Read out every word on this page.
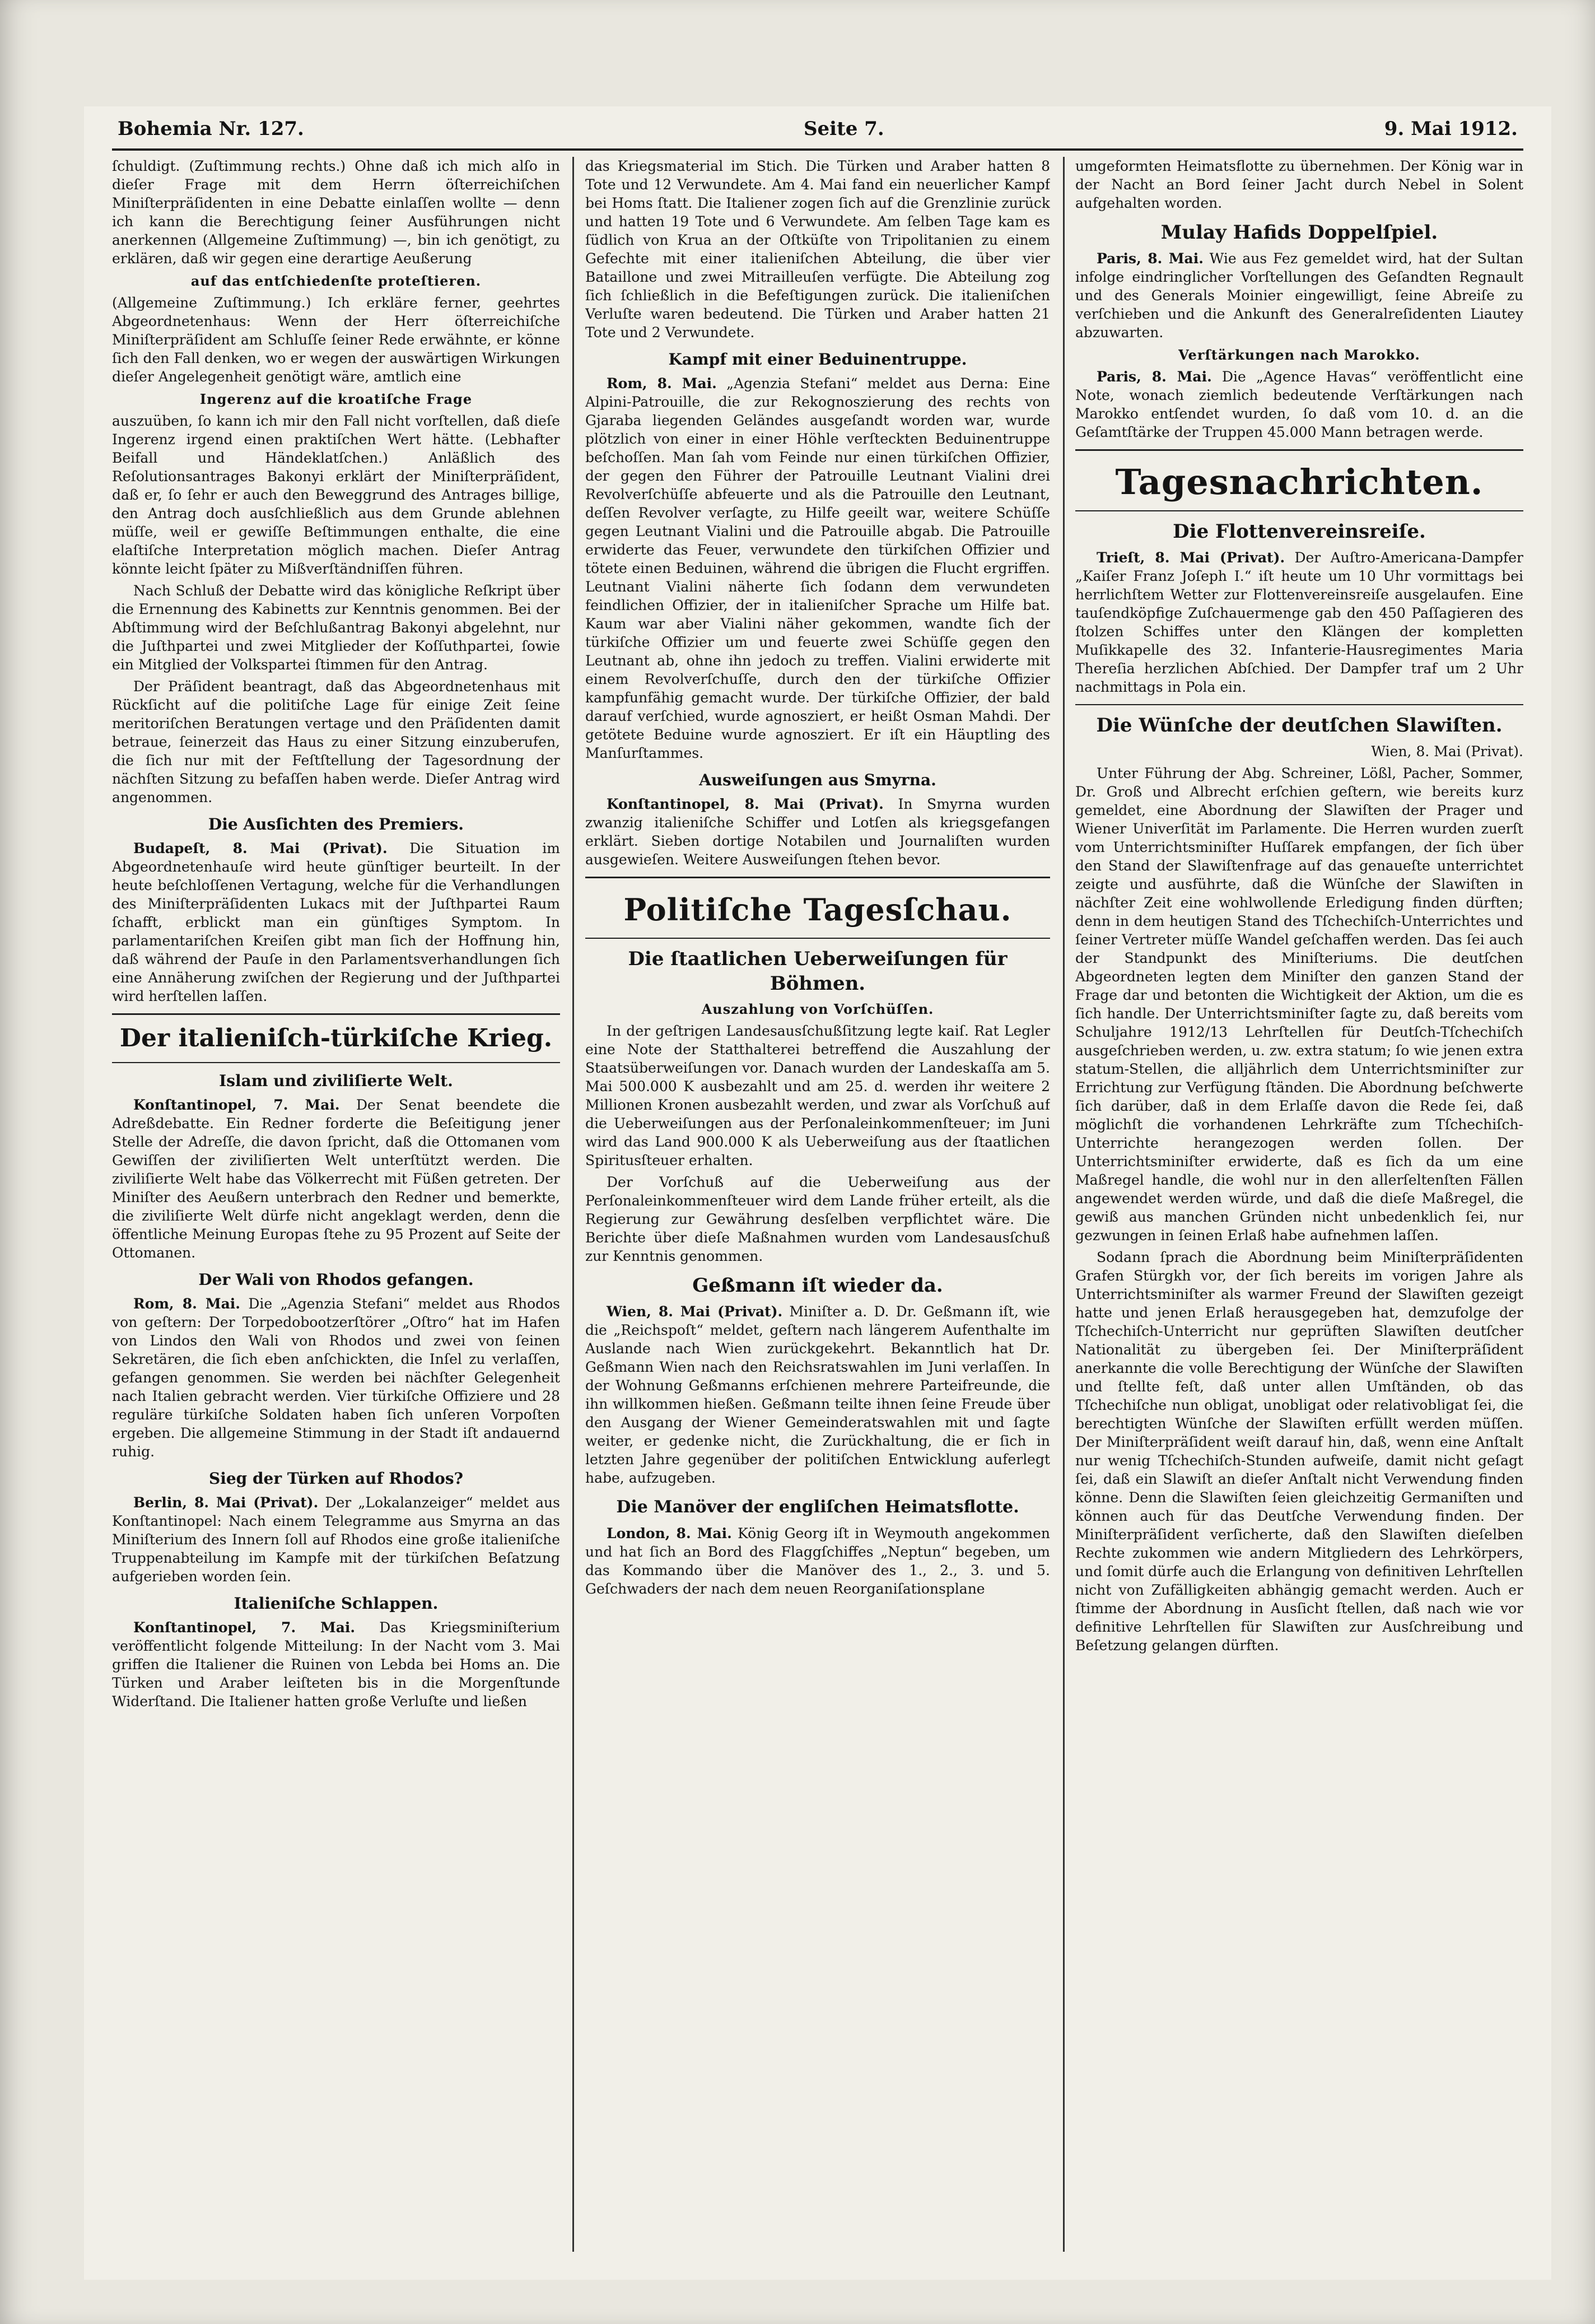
Bohemia Nr. 127.	Seite 7.	9. Mai 1912.

ſchuldigt. (Zuſtimmung rechts.) Ohne daß ich mich alſo in dieſer Frage mit dem Herrn öſterreichiſchen Miniſterpräſidenten in eine Debatte einlaſſen wollte — denn ich kann die Berechtigung ſeiner Ausführungen nicht anerkennen (Allgemeine Zuſtimmung) —, bin ich genötigt, zu erklären, daß wir gegen eine derartige Aeußerung

auf das entſchiedenſte proteſtieren.

(Allgemeine Zuſtimmung.) Ich erkläre ferner, geehrtes Abgeordnetenhaus: Wenn der Herr öſterreichiſche Miniſterpräſident am Schluſſe ſeiner Rede erwähnte, er könne ſich den Fall denken, wo er wegen der auswärtigen Wirkungen dieſer Angelegenheit genötigt wäre, amtlich eine

Ingerenz auf die kroatiſche Frage

auszuüben, ſo kann ich mir den Fall nicht vorſtellen, daß dieſe Ingerenz irgend einen praktiſchen Wert hätte. (Lebhafter Beifall und Händeklatſchen.) Anläßlich des Reſolutionsantrages Bakonyi erklärt der Miniſterpräſident, daß er, ſo ſehr er auch den Beweggrund des Antrages billige, den Antrag doch ausſchließlich aus dem Grunde ablehnen müſſe, weil er gewiſſe Beſtimmungen enthalte, die eine elaſtiſche Interpretation möglich machen. Dieſer Antrag könnte leicht ſpäter zu Mißverſtändniſſen führen.

Nach Schluß der Debatte wird das königliche Reſkript über die Ernennung des Kabinetts zur Kenntnis genommen. Bei der Abſtimmung wird der Beſchlußantrag Bakonyi abgelehnt, nur die Juſthpartei und zwei Mitglieder der Koſſuthpartei, ſowie ein Mitglied der Volkspartei ſtimmen für den Antrag.

Der Präſident beantragt, daß das Abgeordnetenhaus mit Rückſicht auf die politiſche Lage für einige Zeit ſeine meritoriſchen Beratungen vertage und den Präſidenten damit betraue, ſeinerzeit das Haus zu einer Sitzung einzuberufen, die ſich nur mit der Feſtſtellung der Tagesordnung der nächſten Sitzung zu befaſſen haben werde. Dieſer Antrag wird angenommen.

Die Ausſichten des Premiers.

Budapeſt, 8. Mai (Privat). Die Situation im Abgeordnetenhauſe wird heute günſtiger beurteilt. In der heute beſchloſſenen Vertagung, welche für die Verhandlungen des Miniſterpräſidenten Lukacs mit der Juſthpartei Raum ſchafft, erblickt man ein günſtiges Symptom. In parlamentariſchen Kreiſen gibt man ſich der Hoffnung hin, daß während der Pauſe in den Parlamentsverhandlungen ſich eine Annäherung zwiſchen der Regierung und der Juſthpartei wird herſtellen laſſen.

Der italieniſch-türkiſche Krieg.
Islam und ziviliſierte Welt.

Konſtantinopel, 7. Mai. Der Senat beendete die Adreßdebatte. Ein Redner forderte die Beſeitigung jener Stelle der Adreſſe, die davon ſpricht, daß die Ottomanen vom Gewiſſen der ziviliſierten Welt unterſtützt werden. Die ziviliſierte Welt habe das Völkerrecht mit Füßen getreten. Der Miniſter des Aeußern unterbrach den Redner und bemerkte, die ziviliſierte Welt dürfe nicht angeklagt werden, denn die öffentliche Meinung Europas ſtehe zu 95 Prozent auf Seite der Ottomanen.

Der Wali von Rhodos gefangen.

Rom, 8. Mai. Die „Agenzia Stefani“ meldet aus Rhodos von geſtern: Der Torpedobootzerſtörer „Oſtro“ hat im Hafen von Lindos den Wali von Rhodos und zwei von ſeinen Sekretären, die ſich eben anſchickten, die Inſel zu verlaſſen, gefangen genommen. Sie werden bei nächſter Gelegenheit nach Italien gebracht werden. Vier türkiſche Offiziere und 28 reguläre türkiſche Soldaten haben ſich unſeren Vorpoſten ergeben. Die allgemeine Stimmung in der Stadt iſt andauernd ruhig.

Sieg der Türken auf Rhodos?

Berlin, 8. Mai (Privat). Der „Lokalanzeiger“ meldet aus Konſtantinopel: Nach einem Telegramme aus Smyrna an das Miniſterium des Innern ſoll auf Rhodos eine große italieniſche Truppenabteilung im Kampfe mit der türkiſchen Beſatzung aufgerieben worden ſein.

Italieniſche Schlappen.

Konſtantinopel, 7. Mai. Das Kriegsminiſterium veröffentlicht folgende Mitteilung: In der Nacht vom 3. Mai griffen die Italiener die Ruinen von Lebda bei Homs an. Die Türken und Araber leiſteten bis in die Morgenſtunde Widerſtand. Die Italiener hatten große Verluſte und ließen

das Kriegsmaterial im Stich. Die Türken und Araber hatten 8 Tote und 12 Verwundete. Am 4. Mai fand ein neuerlicher Kampf bei Homs ſtatt. Die Italiener zogen ſich auf die Grenzlinie zurück und hatten 19 Tote und 6 Verwundete. Am ſelben Tage kam es ſüdlich von Krua an der Oſtküſte von Tripolitanien zu einem Gefechte mit einer italieniſchen Abteilung, die über vier Bataillone und zwei Mitrailleuſen verfügte. Die Abteilung zog ſich ſchließlich in die Befeſtigungen zurück. Die italieniſchen Verluſte waren bedeutend. Die Türken und Araber hatten 21 Tote und 2 Verwundete.

Kampf mit einer Beduinentruppe.

Rom, 8. Mai. „Agenzia Stefani“ meldet aus Derna: Eine Alpini-Patrouille, die zur Rekognoszierung des rechts von Gjaraba liegenden Geländes ausgeſandt worden war, wurde plötzlich von einer in einer Höhle verſteckten Beduinentruppe beſchoſſen. Man ſah vom Feinde nur einen türkiſchen Offizier, der gegen den Führer der Patrouille Leutnant Vialini drei Revolverſchüſſe abfeuerte und als die Patrouille den Leutnant, deſſen Revolver verſagte, zu Hilfe geeilt war, weitere Schüſſe gegen Leutnant Vialini und die Patrouille abgab. Die Patrouille erwiderte das Feuer, verwundete den türkiſchen Offizier und tötete einen Beduinen, während die übrigen die Flucht ergriffen. Leutnant Vialini näherte ſich ſodann dem verwundeten feindlichen Offizier, der in italieniſcher Sprache um Hilfe bat. Kaum war aber Vialini näher gekommen, wandte ſich der türkiſche Offizier um und feuerte zwei Schüſſe gegen den Leutnant ab, ohne ihn jedoch zu treffen. Vialini erwiderte mit einem Revolverſchuſſe, durch den der türkiſche Offizier kampfunfähig gemacht wurde. Der türkiſche Offizier, der bald darauf verſchied, wurde agnosziert, er heißt Osman Mahdi. Der getötete Beduine wurde agnosziert. Er iſt ein Häuptling des Manſurſtammes.

Ausweiſungen aus Smyrna.

Konſtantinopel, 8. Mai (Privat). In Smyrna wurden zwanzig italieniſche Schiffer und Lotſen als kriegsgefangen erklärt. Sieben dortige Notabilen und Journaliſten wurden ausgewieſen. Weitere Ausweiſungen ſtehen bevor.

Politiſche Tagesſchau.
Die ſtaatlichen Ueberweiſungen für Böhmen.
Auszahlung von Vorſchüſſen.

In der geſtrigen Landesausſchußſitzung legte kaiſ. Rat Legler eine Note der Statthalterei betreffend die Auszahlung der Staatsüberweiſungen vor. Danach wurden der Landeskaſſa am 5. Mai 500.000 K ausbezahlt und am 25. d. werden ihr weitere 2 Millionen Kronen ausbezahlt werden, und zwar als Vorſchuß auf die Ueberweiſungen aus der Perſonaleinkommenſteuer; im Juni wird das Land 900.000 K als Ueberweiſung aus der ſtaatlichen Spiritusſteuer erhalten.

Der Vorſchuß auf die Ueberweiſung aus der Perſonaleinkommenſteuer wird dem Lande früher erteilt, als die Regierung zur Gewährung desſelben verpflichtet wäre. Die Berichte über dieſe Maßnahmen wurden vom Landesausſchuß zur Kenntnis genommen.

Geßmann iſt wieder da.

Wien, 8. Mai (Privat). Miniſter a. D. Dr. Geßmann iſt, wie die „Reichspoſt“ meldet, geſtern nach längerem Aufenthalte im Auslande nach Wien zurückgekehrt. Bekanntlich hat Dr. Geßmann Wien nach den Reichsratswahlen im Juni verlaſſen. In der Wohnung Geßmanns erſchienen mehrere Parteifreunde, die ihn willkommen hießen. Geßmann teilte ihnen ſeine Freude über den Ausgang der Wiener Gemeinderatswahlen mit und ſagte weiter, er gedenke nicht, die Zurückhaltung, die er ſich in letzten Jahre gegenüber der politiſchen Entwicklung auferlegt habe, aufzugeben.

Die Manöver der engliſchen Heimatsflotte.

London, 8. Mai. König Georg iſt in Weymouth angekommen und hat ſich an Bord des Flaggſchiffes „Neptun“ begeben, um das Kommando über die Manöver des 1., 2., 3. und 5. Geſchwaders der nach dem neuen Reorganiſationsplane

umgeformten Heimatsflotte zu übernehmen. Der König war in der Nacht an Bord ſeiner Jacht durch Nebel in Solent aufgehalten worden.

Mulay Hafids Doppelſpiel.

Paris, 8. Mai. Wie aus Fez gemeldet wird, hat der Sultan infolge eindringlicher Vorſtellungen des Geſandten Regnault und des Generals Moinier eingewilligt, ſeine Abreiſe zu verſchieben und die Ankunft des Generalreſidenten Liautey abzuwarten.

Verſtärkungen nach Marokko.

Paris, 8. Mai. Die „Agence Havas“ veröffentlicht eine Note, wonach ziemlich bedeutende Verſtärkungen nach Marokko entſendet wurden, ſo daß vom 10. d. an die Geſamtſtärke der Truppen 45.000 Mann betragen werde.

Tagesnachrichten.
Die Flottenvereinsreiſe.

Trieſt, 8. Mai (Privat). Der Auſtro-Americana-Dampfer „Kaiſer Franz Joſeph I.“ iſt heute um 10 Uhr vormittags bei herrlichſtem Wetter zur Flottenvereinsreiſe ausgelaufen. Eine tauſendköpfige Zuſchauermenge gab den 450 Paſſagieren des ſtolzen Schiffes unter den Klängen der kompletten Muſikkapelle des 32. Infanterie-Hausregimentes Maria Thereſia herzlichen Abſchied. Der Dampfer traf um 2 Uhr nachmittags in Pola ein.

Die Wünſche der deutſchen Slawiſten.

Wien, 8. Mai (Privat).

Unter Führung der Abg. Schreiner, Lößl, Pacher, Sommer, Dr. Groß und Albrecht erſchien geſtern, wie bereits kurz gemeldet, eine Abordnung der Slawiſten der Prager und Wiener Univerſität im Parlamente. Die Herren wurden zuerſt vom Unterrichtsminiſter Huſſarek empfangen, der ſich über den Stand der Slawiſtenfrage auf das genaueſte unterrichtet zeigte und ausführte, daß die Wünſche der Slawiſten in nächſter Zeit eine wohlwollende Erledigung finden dürften; denn in dem heutigen Stand des Tſchechiſch-Unterrichtes und ſeiner Vertreter müſſe Wandel geſchaffen werden. Das ſei auch der Standpunkt des Miniſteriums. Die deutſchen Abgeordneten legten dem Miniſter den ganzen Stand der Frage dar und betonten die Wichtigkeit der Aktion, um die es ſich handle. Der Unterrichtsminiſter ſagte zu, daß bereits vom Schuljahre 1912/13 Lehrſtellen für Deutſch-Tſchechiſch ausgeſchrieben werden, u. zw. extra statum; ſo wie jenen extra statum-Stellen, die alljährlich dem Unterrichtsminiſter zur Errichtung zur Verfügung ſtänden. Die Abordnung beſchwerte ſich darüber, daß in dem Erlaſſe davon die Rede ſei, daß möglichſt die vorhandenen Lehrkräfte zum Tſchechiſch-Unterrichte herangezogen werden ſollen. Der Unterrichtsminiſter erwiderte, daß es ſich da um eine Maßregel handle, die wohl nur in den allerſeltenſten Fällen angewendet werden würde, und daß die dieſe Maßregel, die gewiß aus manchen Gründen nicht unbedenklich ſei, nur gezwungen in ſeinen Erlaß habe aufnehmen laſſen.

Sodann ſprach die Abordnung beim Miniſterpräſidenten Grafen Stürgkh vor, der ſich bereits im vorigen Jahre als Unterrichtsminiſter als warmer Freund der Slawiſten gezeigt hatte und jenen Erlaß herausgegeben hat, demzufolge der Tſchechiſch-Unterricht nur geprüften Slawiſten deutſcher Nationalität zu übergeben ſei. Der Miniſterpräſident anerkannte die volle Berechtigung der Wünſche der Slawiſten und ſtellte feſt, daß unter allen Umſtänden, ob das Tſchechiſche nun obligat, unobligat oder relativobligat ſei, die berechtigten Wünſche der Slawiſten erfüllt werden müſſen. Der Miniſterpräſident weiſt darauf hin, daß, wenn eine Anſtalt nur wenig Tſchechiſch-Stunden aufweiſe, damit nicht geſagt ſei, daß ein Slawiſt an dieſer Anſtalt nicht Verwendung finden könne. Denn die Slawiſten ſeien gleichzeitig Germaniſten und können auch für das Deutſche Verwendung finden. Der Miniſterpräſident verſicherte, daß den Slawiſten dieſelben Rechte zukommen wie andern Mitgliedern des Lehrkörpers, und ſomit dürfe auch die Erlangung von definitiven Lehrſtellen nicht von Zufälligkeiten abhängig gemacht werden. Auch er ſtimme der Abordnung in Ausſicht ſtellen, daß nach wie vor definitive Lehrſtellen für Slawiſten zur Ausſchreibung und Beſetzung gelangen dürften.
